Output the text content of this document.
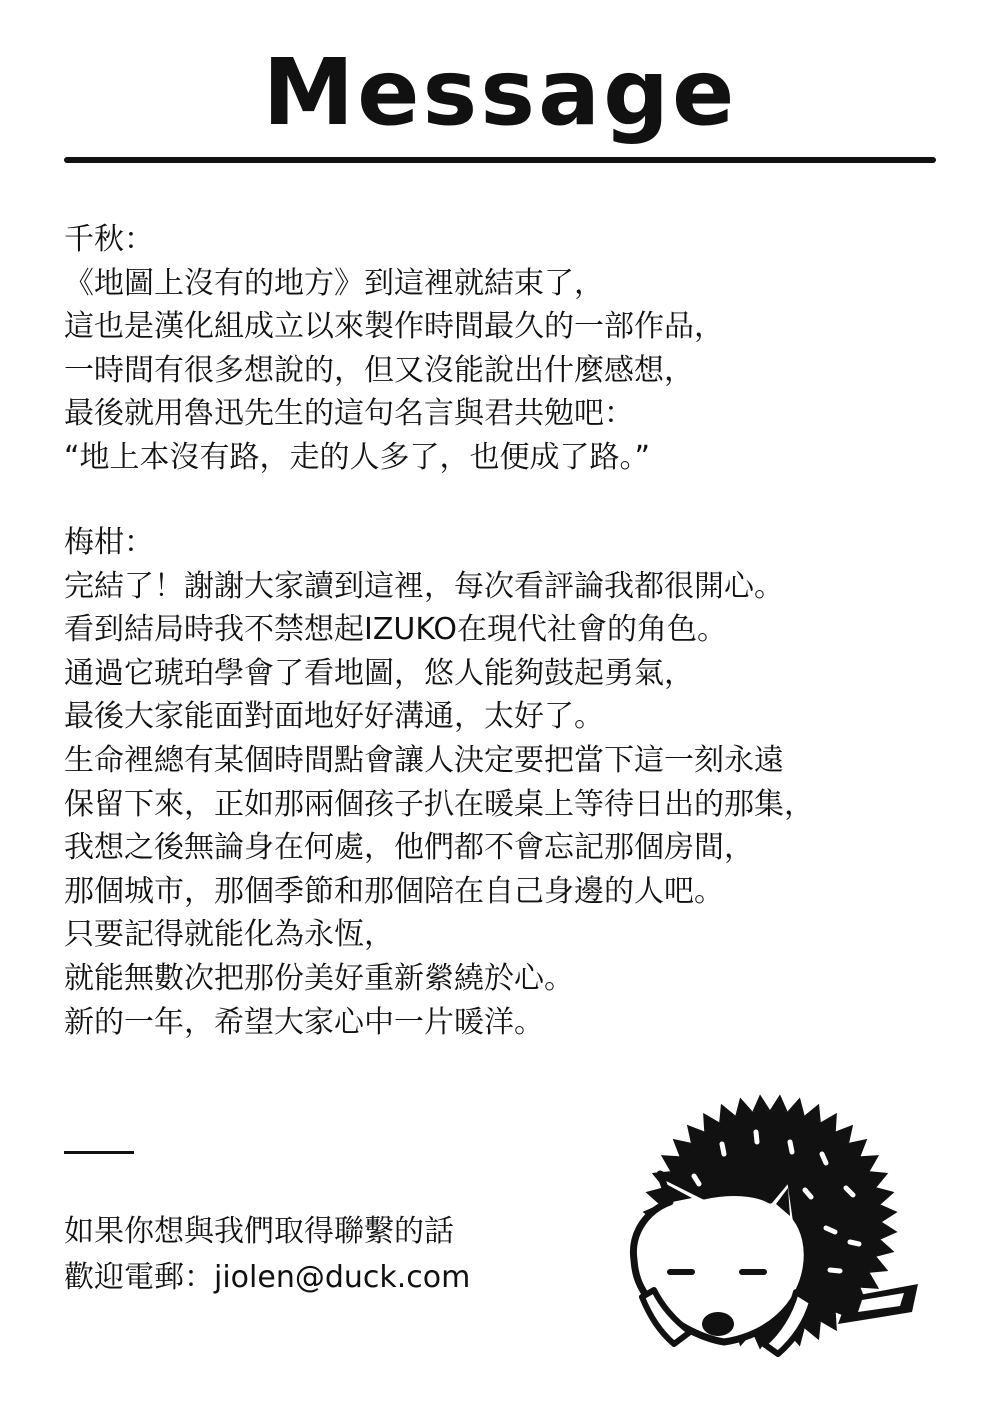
Message
千秋：
《地圖上沒有的地方》到這裡就結束了，
這也是漢化組成立以來製作時間最久的一部作品，
一時間有很多想說的，但又沒能說出什麼感想，
最後就用魯迅先生的這句名言與君共勉吧：
“地上本沒有路，走的人多了，也便成了路。”
梅柑：
完結了！謝謝大家讀到這裡，每次看評論我都很開心。
看到結局時我不禁想起IZUKO在現代社會的角色。
通過它琥珀學會了看地圖，悠人能夠鼓起勇氣，
最後大家能面對面地好好溝通，太好了。
生命裡總有某個時間點會讓人決定要把當下這一刻永遠
保留下來，正如那兩個孩子扒在暖桌上等待日出的那集，
我想之後無論身在何處，他們都不會忘記那個房間，
那個城市，那個季節和那個陪在自己身邊的人吧。
只要記得就能化為永恆，
就能無數次把那份美好重新縈繞於心。
新的一年，希望大家心中一片暖洋。
如果你想與我們取得聯繫的話
歡迎電郵：jiolen@duck.com
